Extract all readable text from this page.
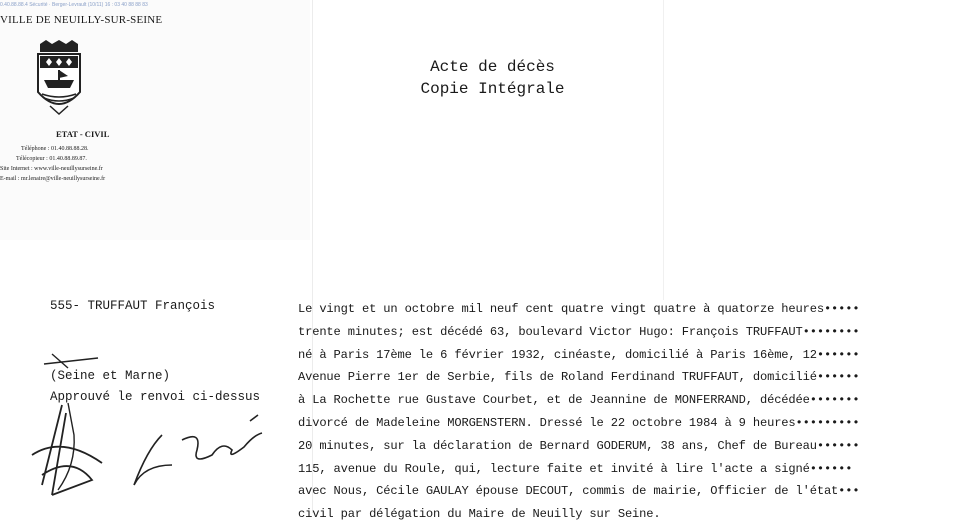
0.40.88.88.4 Sécurité · Berger-Levrault (10/11) 16 : 03 40 88 88 83
VILLE DE NEUILLY-SUR-SEINE
ETAT - CIVIL
Téléphone : 01.40.88.88.28.
Télécopieur : 01.40.88.89.87.
Site Internet : www.ville-neuillysurseine.fr
E-mail : mr.lenaire@ville-neuillysurseine.fr
Acte de décès
Copie Intégrale
555- TRUFFAUT François
(Seine et Marne)
Approuvé le renvoi ci-dessus
Le vingt et un octobre mil neuf cent quatre vingt quatre à quatorze heures•••••
trente minutes; est décédé 63, boulevard Victor Hugo: François TRUFFAUT••••••••
né à Paris 17ème le 6 février 1932, cinéaste, domicilié à Paris 16ème, 12••••••
Avenue Pierre 1er de Serbie, fils de Roland Ferdinand TRUFFAUT, domicilié••••••
à La Rochette rue Gustave Courbet, et de Jeannine de MONFERRAND, décédée•••••••
divorcé de Madeleine MORGENSTERN. Dressé le 22 octobre 1984 à 9 heures•••••••••
20 minutes, sur la déclaration de Bernard GODERUM, 38 ans, Chef de Bureau••••••
115, avenue du Roule, qui, lecture faite et invité à lire l'acte a signé••••••
avec Nous, Cécile GAULAY épouse DECOUT, commis de mairie, Officier de l'état•••
civil par délégation du Maire de Neuilly sur Seine.
